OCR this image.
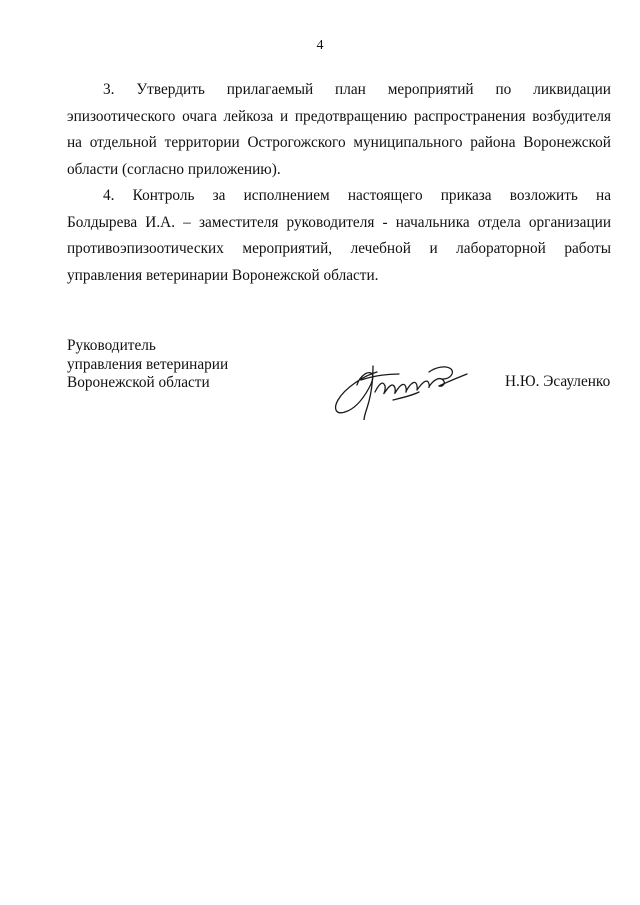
4

3. Утвердить прилагаемый план мероприятий по ликвидации эпизоотического очага лейкоза и предотвращению распространения возбудителя на отдельной территории Острогожского муниципального района Воронежской области (согласно приложению).

4. Контроль за исполнением настоящего приказа возложить на
Болдырева И.А. – заместителя руководителя - начальника отдела организации противоэпизоотических мероприятий, лечебной и лабораторной работы управления ветеринарии Воронежской области.

Руководитель
управления ветеринарии
Воронежской области	Н.Ю. Эсауленко
